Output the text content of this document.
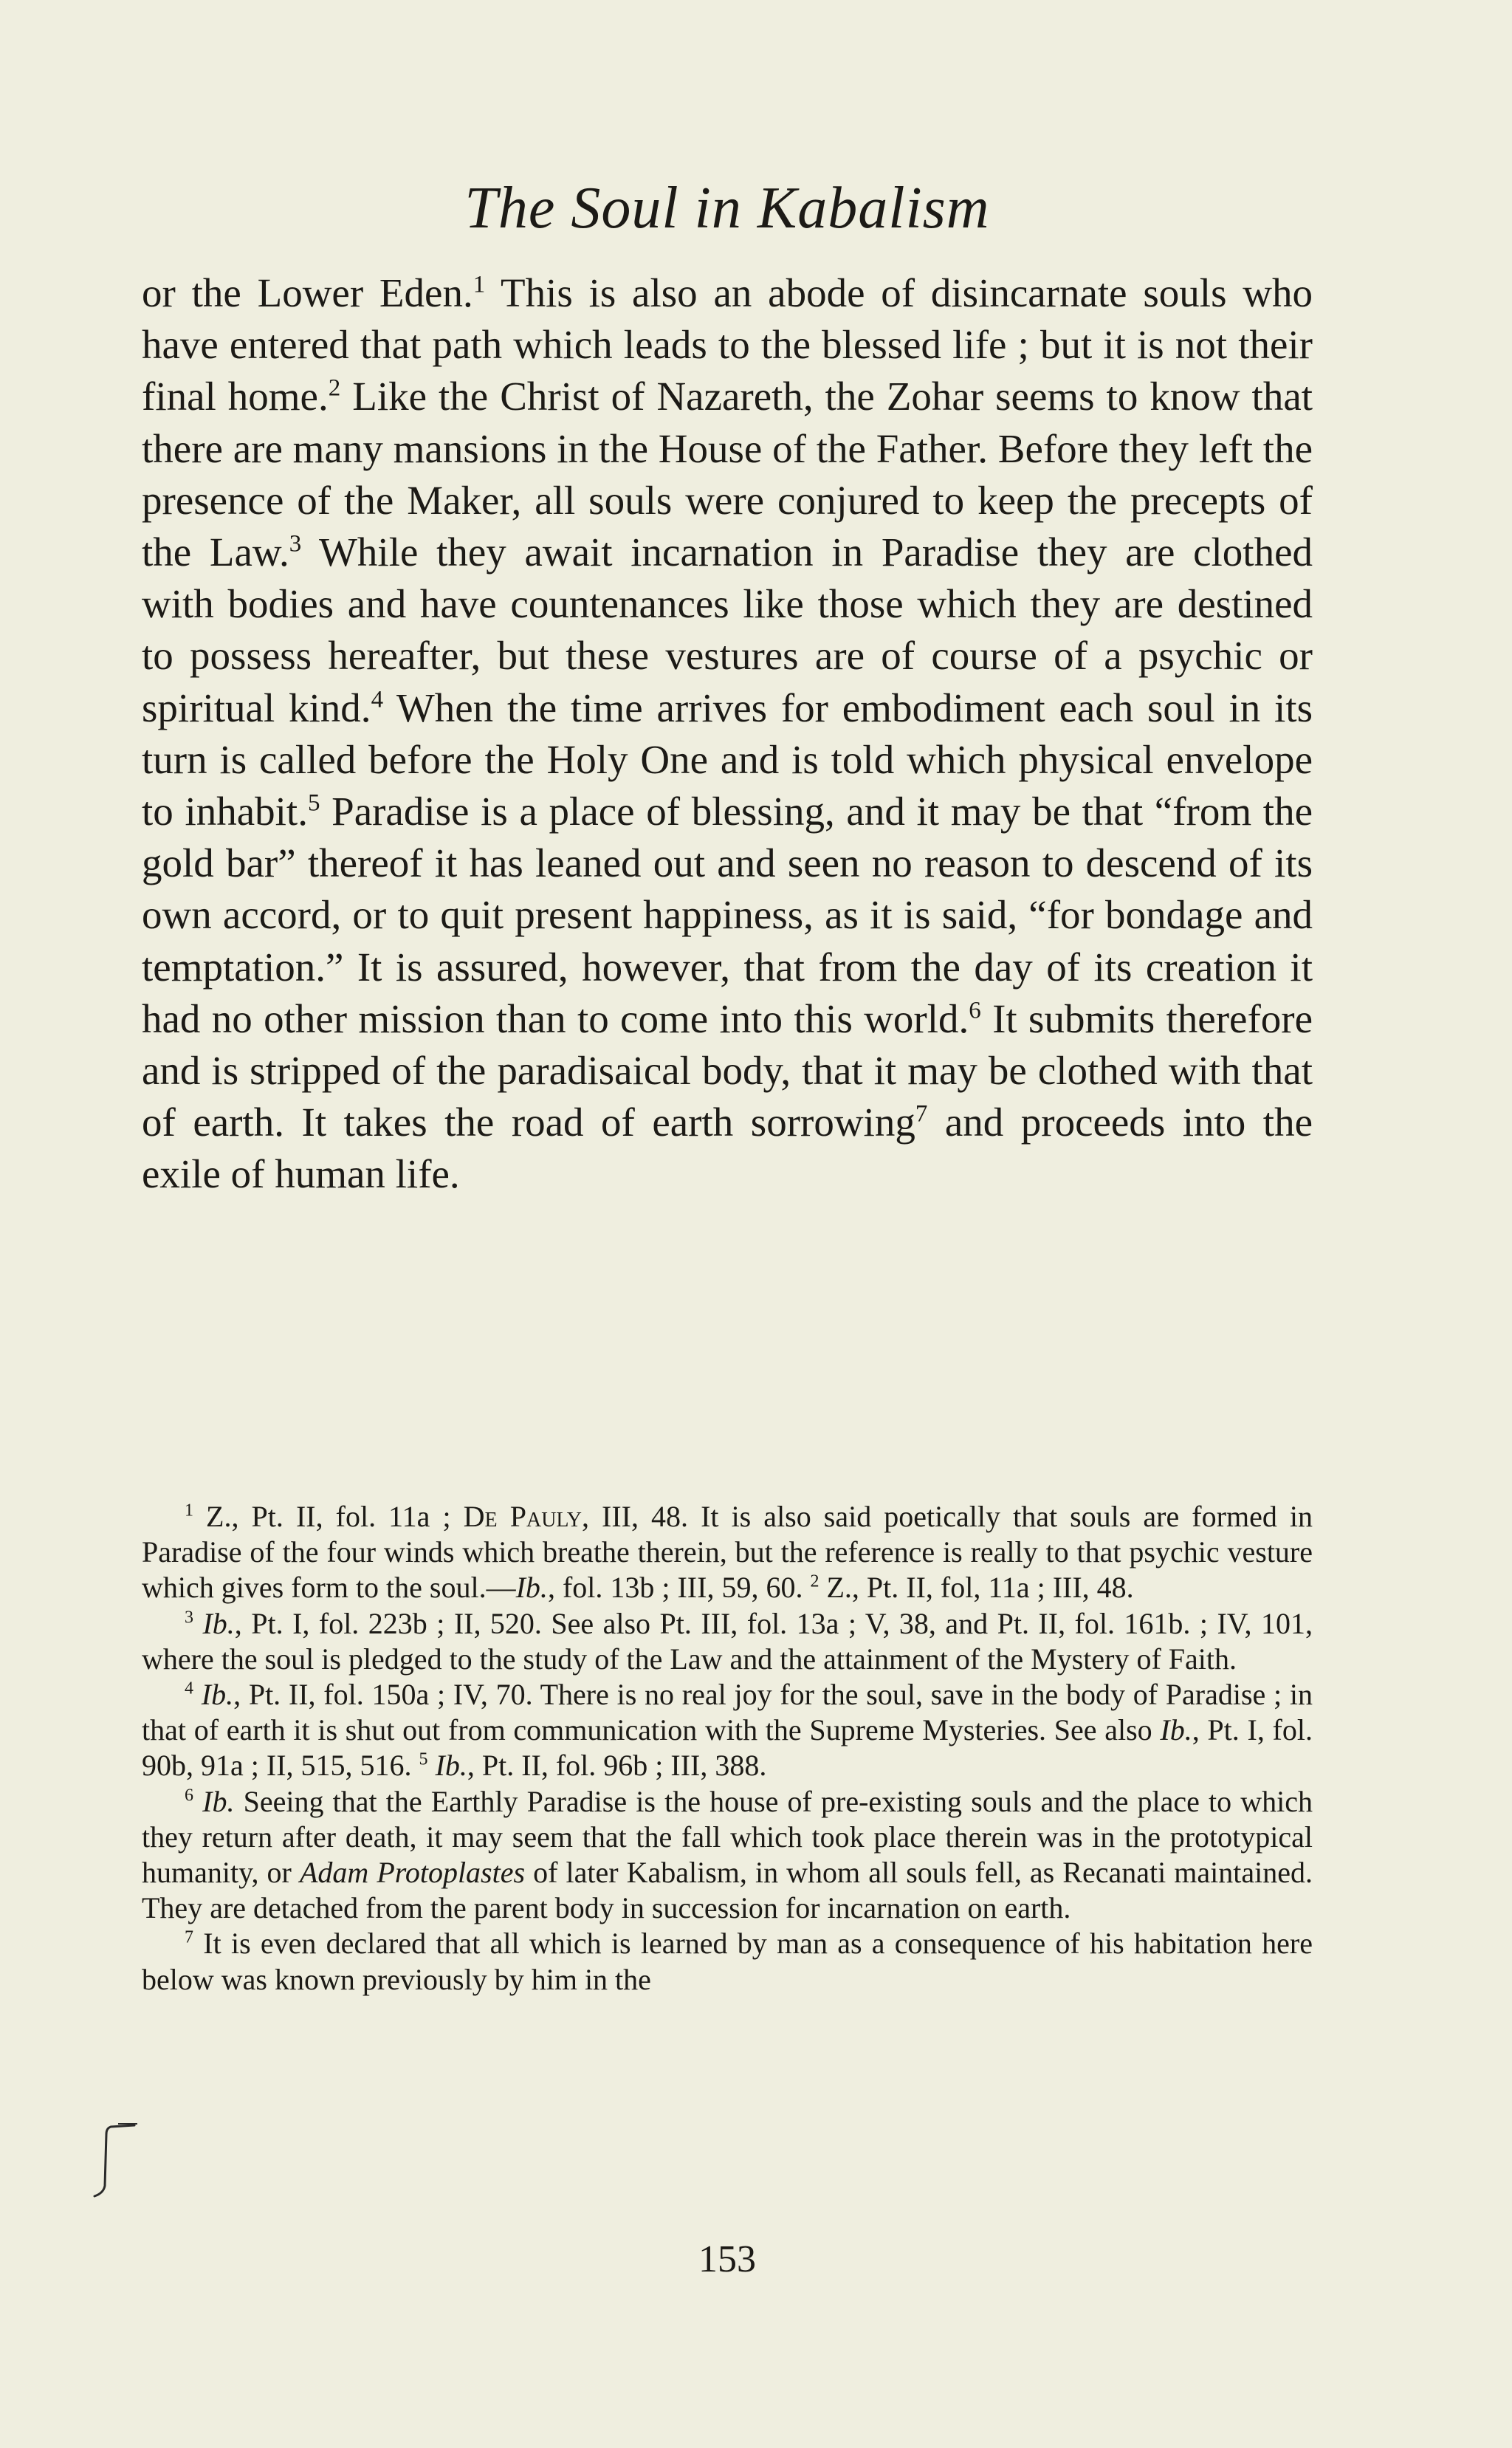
The Soul in Kabalism

or the Lower Eden.$^1$ This is also an abode of disincarnate souls who have entered that path which leads to the blessed life ; but it is not their final home.$^2$ Like the Christ of Nazareth, the Zohar seems to know that there are many mansions in the House of the Father. Before they left the presence of the Maker, all souls were conjured to keep the precepts of the Law.$^3$ While they await incarnation in Paradise they are clothed with bodies and have countenances like those which they are destined to possess hereafter, but these vestures are of course of a psychic or spiritual kind.$^4$ When the time arrives for embodiment each soul in its turn is called before the Holy One and is told which physical envelope to inhabit.$^5$ Paradise is a place of blessing, and it may be that “from the gold bar” thereof it has leaned out and seen no reason to descend of its own accord, or to quit present happiness, as it is said, “for bondage and temptation.” It is assured, however, that from the day of its creation it had no other mission than to come into this world.$^6$ It submits therefore and is stripped of the paradisaical body, that it may be clothed with that of earth. It takes the road of earth sorrowing$^7$ and proceeds into the exile of human life.

$^1$ Z., Pt. II, fol. 11a ; De Pauly, III, 48. It is also said poetically that souls are formed in Paradise of the four winds which breathe therein, but the reference is really to that psychic vesture which gives form to the soul.—Ib., fol. 13b ; III, 59, 60. $^2$ Z., Pt. II, fol, 11a ; III, 48.

$^3$ Ib., Pt. I, fol. 223b ; II, 520. See also Pt. III, fol. 13a ; V, 38, and Pt. II, fol. 161b. ; IV, 101, where the soul is pledged to the study of the Law and the attainment of the Mystery of Faith.

$^4$ Ib., Pt. II, fol. 150a ; IV, 70. There is no real joy for the soul, save in the body of Paradise ; in that of earth it is shut out from communication with the Supreme Mysteries. See also Ib., Pt. I, fol. 90b, 91a ; II, 515, 516. $^5$ Ib., Pt. II, fol. 96b ; III, 388.

$^6$ Ib. Seeing that the Earthly Paradise is the house of pre-existing souls and the place to which they return after death, it may seem that the fall which took place therein was in the prototypical humanity, or Adam Protoplastes of later Kabalism, in whom all souls fell, as Recanati maintained. They are detached from the parent body in succession for incarnation on earth.

$^7$ It is even declared that all which is learned by man as a consequence of his habitation here below was known previously by him in the

153
